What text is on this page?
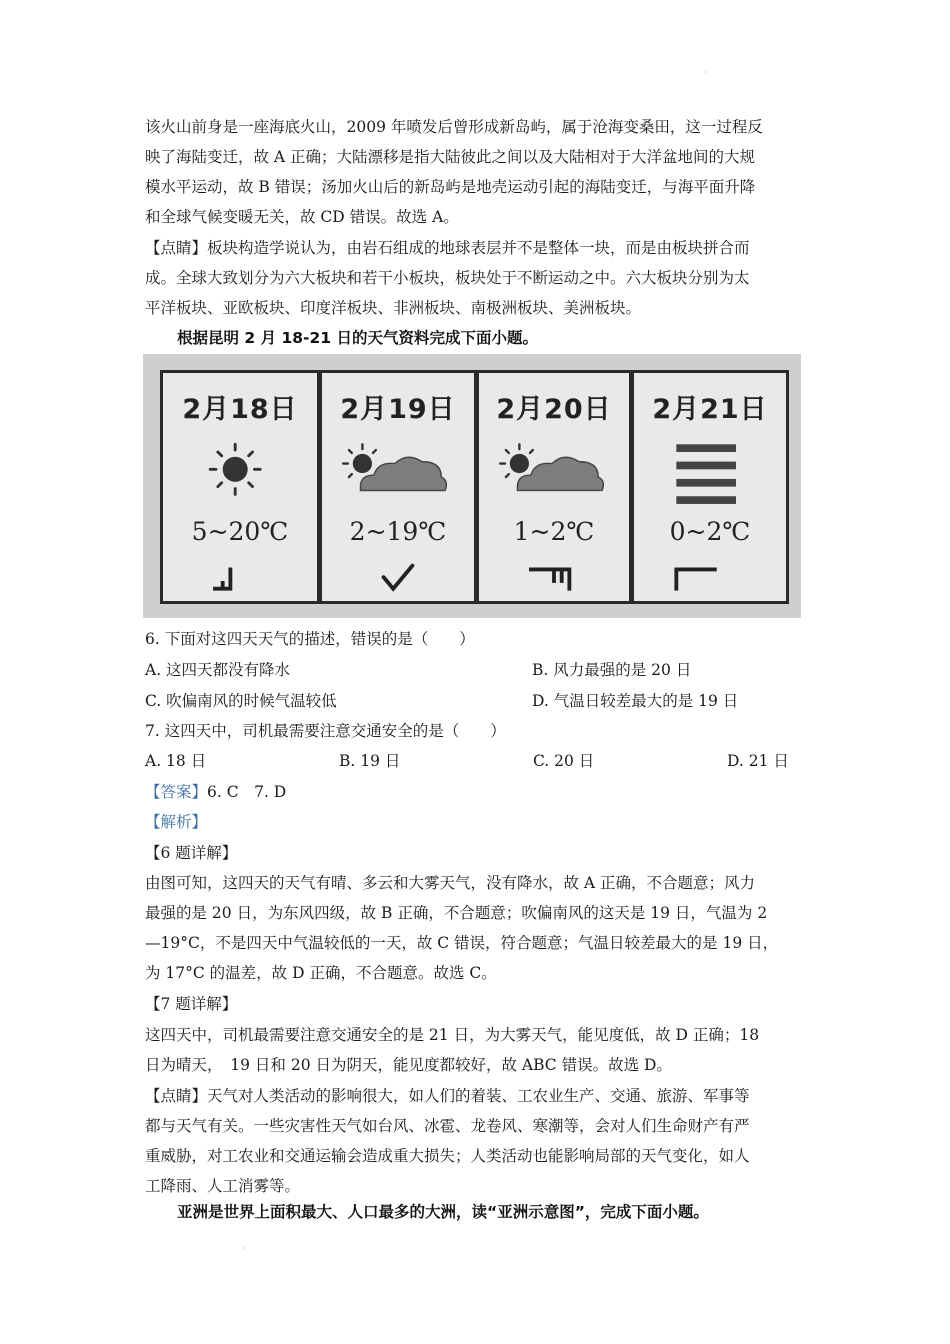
·
该火山前身是一座海底火山，2009 年喷发后曾形成新岛屿，属于沧海变桑田，这一过程反
映了海陆变迁，故 A 正确；大陆漂移是指大陆彼此之间以及大陆相对于大洋盆地间的大规
模水平运动，故 B 错误；汤加火山后的新岛屿是地壳运动引起的海陆变迁，与海平面升降
和全球气候变暖无关，故 CD 错误。故选 A。
【点睛】板块构造学说认为，由岩石组成的地球表层并不是整体一块，而是由板块拼合而
成。全球大致划分为六大板块和若干小板块，板块处于不断运动之中。六大板块分别为太
平洋板块、亚欧板块、印度洋板块、非洲板块、南极洲板块、美洲板块。
根据昆明 2 月 18-21 日的天气资料完成下面小题。
2月18日
5~20℃
2月19日
2~19℃
2月20日
1~2℃
2月21日
0~2℃
6. 下面对这四天天气的描述，错误的是（　　）
A. 这四天都没有降水	B. 风力最强的是 20 日
C. 吹偏南风的时候气温较低	D. 气温日较差最大的是 19 日
7. 这四天中，司机最需要注意交通安全的是（　　）
A. 18 日	B. 19 日	C. 20 日	D. 21 日
【答案】6. C　7. D
【解析】
【6 题详解】
由图可知，这四天的天气有晴、多云和大雾天气，没有降水，故 A 正确，不合题意；风力
最强的是 20 日，为东风四级，故 B 正确，不合题意；吹偏南风的这天是 19 日，气温为 2
—19°C，不是四天中气温较低的一天，故 C 错误，符合题意；气温日较差最大的是 19 日，
为 17°C 的温差，故 D 正确，不合题意。故选 C。
【7 题详解】
这四天中，司机最需要注意交通安全的是 21 日，为大雾天气，能见度低，故 D 正确；18
日为晴天，　19 日和 20 日为阴天，能见度都较好，故 ABC 错误。故选 D。
【点睛】天气对人类活动的影响很大，如人们的着装、工农业生产、交通、旅游、军事等
都与天气有关。一些灾害性天气如台风、冰雹、龙卷风、寒潮等，会对人们生命财产有严
重威胁，对工农业和交通运输会造成重大损失；人类活动也能影响局部的天气变化，如人
工降雨、人工消雾等。
亚洲是世界上面积最大、人口最多的大洲，读“亚洲示意图”，完成下面小题。
·
